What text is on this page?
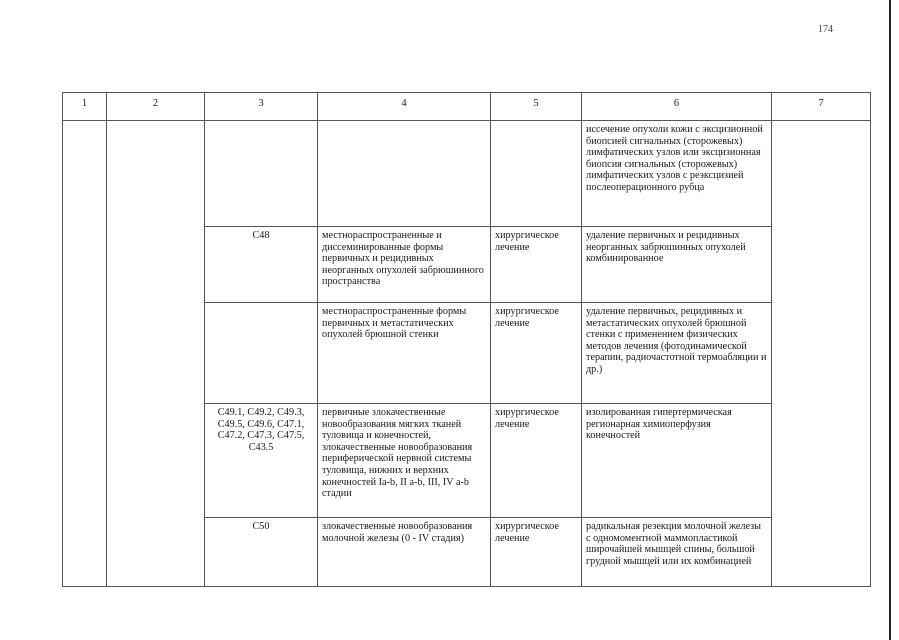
174
1	2	3	4	5	6	7
					иссечение опухоли кожи с эксцизионной биопсией сигнальных (сторожевых) лимфатических узлов или эксцизионная биопсия сигнальных (сторожевых) лимфатических узлов с реэксцизией послеоперационного рубца	
		C48	местнораспространенные и диссеминированные формы первичных и рецидивных неорганных опухолей забрюшинного пространства	хирургическое лечение	удаление первичных и рецидивных неорганных забрюшинных опухолей комбинированное	
			местнораспространенные формы первичных и метастатических опухолей брюшной стенки	хирургическое лечение	удаление первичных, рецидивных и метастатических опухолей брюшной стенки с применением физических методов лечения (фотодинамической терапии, радиочастотной термоабляции и др.)	
		C49.1, C49.2, C49.3, C49.5, C49.6, C47.1, C47.2, C47.3, C47.5, C43.5	первичные злокачественные новообразования мягких тканей туловища и конечностей, злокачественные новообразования периферической нервной системы туловища, нижних и верхних конечностей Ia-b, II a-b, III, IV a-b стадии	хирургическое лечение	изолированная гипертермическая регионарная химиоперфузия конечностей	
		C50	злокачественные новообразования молочной железы (0 - IV стадия)	хирургическое лечение	радикальная резекция молочной железы с одномоментной маммопластикой широчайшей мышцей спины, большой грудной мышцей или их комбинацией	
